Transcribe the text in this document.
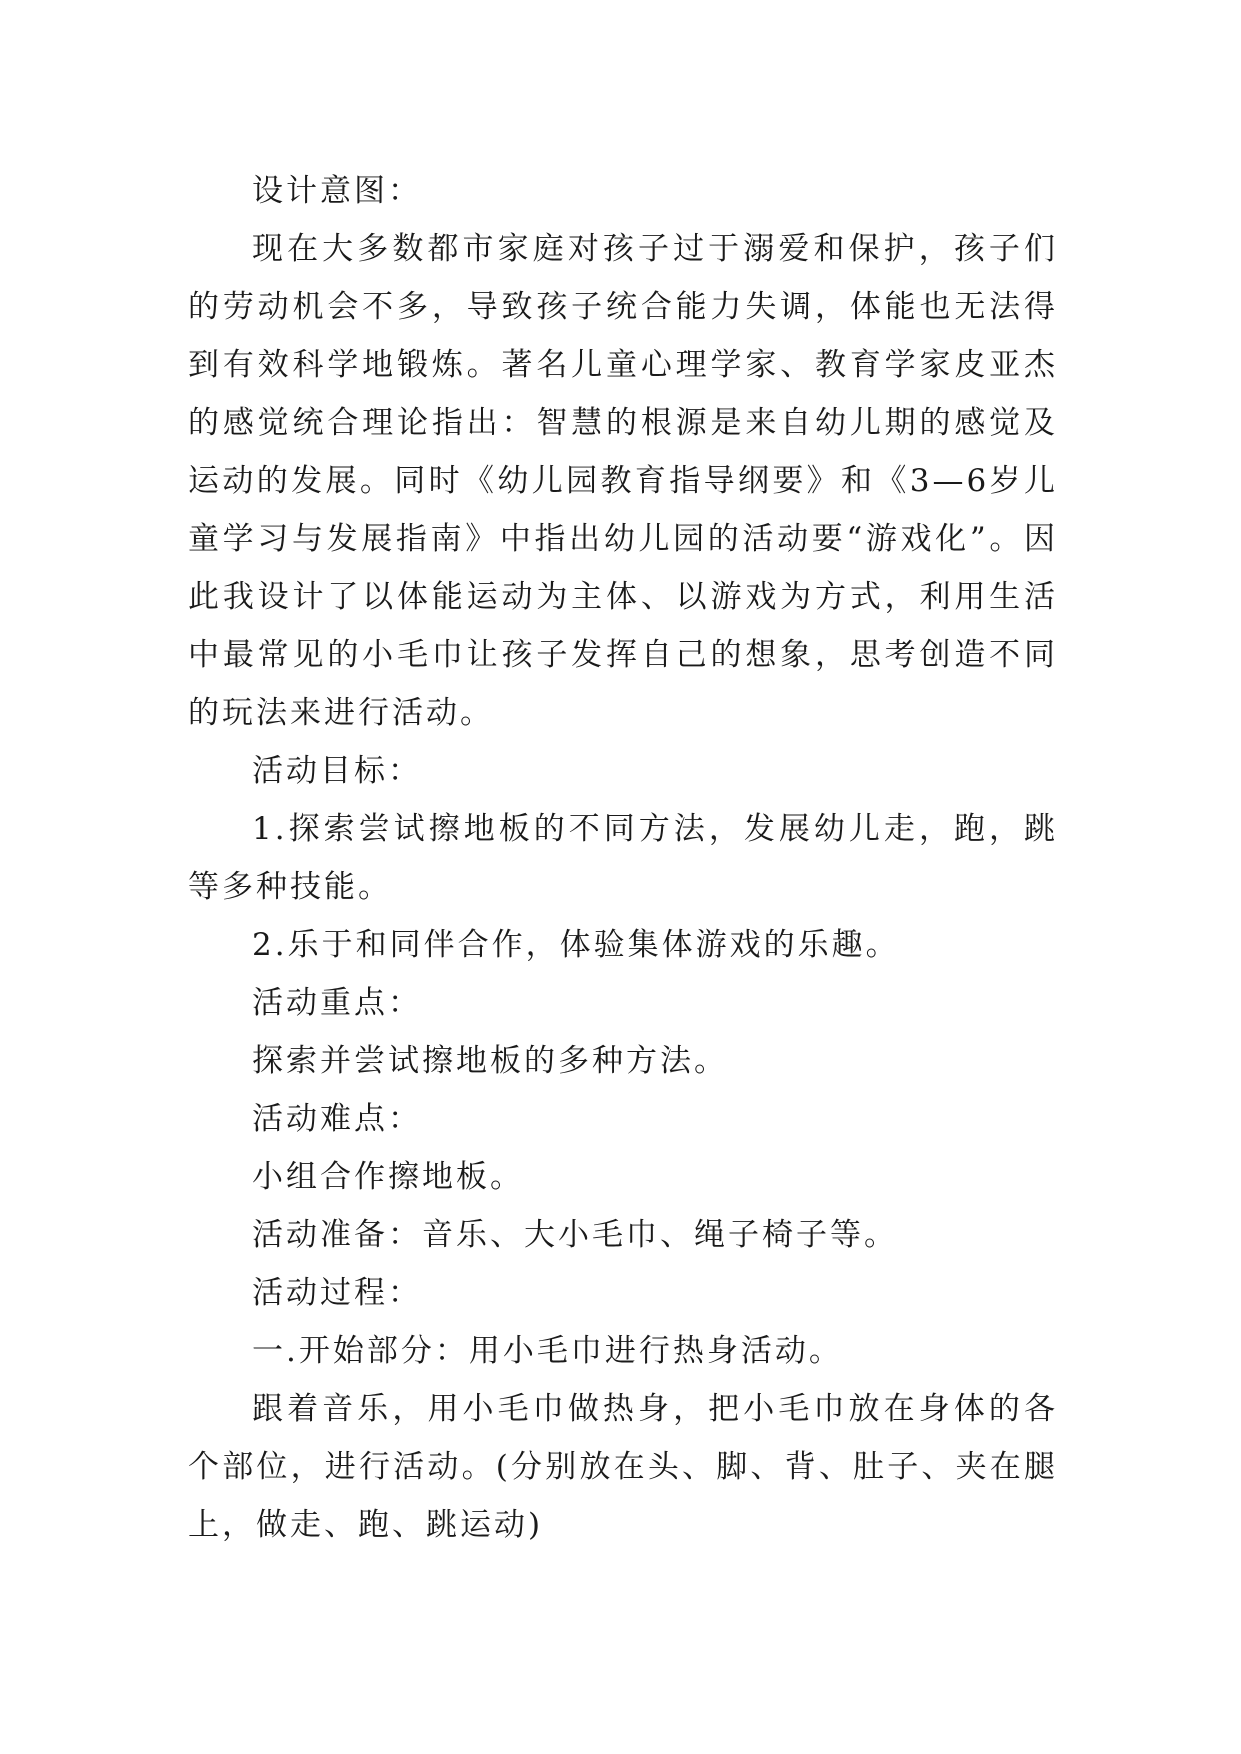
设计意图：

现在大多数都市家庭对孩子过于溺爱和保护，孩子们的劳动机会不多，导致孩子统合能力失调，体能也无法得到有效科学地锻炼。著名儿童心理学家、教育学家皮亚杰的感觉统合理论指出：智慧的根源是来自幼儿期的感觉及运动的发展。同时《幼儿园教育指导纲要》和《3—6岁儿童学习与发展指南》中指出幼儿园的活动要“游戏化”。因此我设计了以体能运动为主体、以游戏为方式，利用生活中最常见的小毛巾让孩子发挥自己的想象，思考创造不同的玩法来进行活动。

活动目标：

1.探索尝试擦地板的不同方法，发展幼儿走，跑，跳等多种技能。

2.乐于和同伴合作，体验集体游戏的乐趣。

活动重点：

探索并尝试擦地板的多种方法。

活动难点：

小组合作擦地板。

活动准备：音乐、大小毛巾、绳子椅子等。

活动过程：

一.开始部分：用小毛巾进行热身活动。

跟着音乐，用小毛巾做热身，把小毛巾放在身体的各个部位，进行活动。(分别放在头、脚、背、肚子、夹在腿上，做走、跑、跳运动)
